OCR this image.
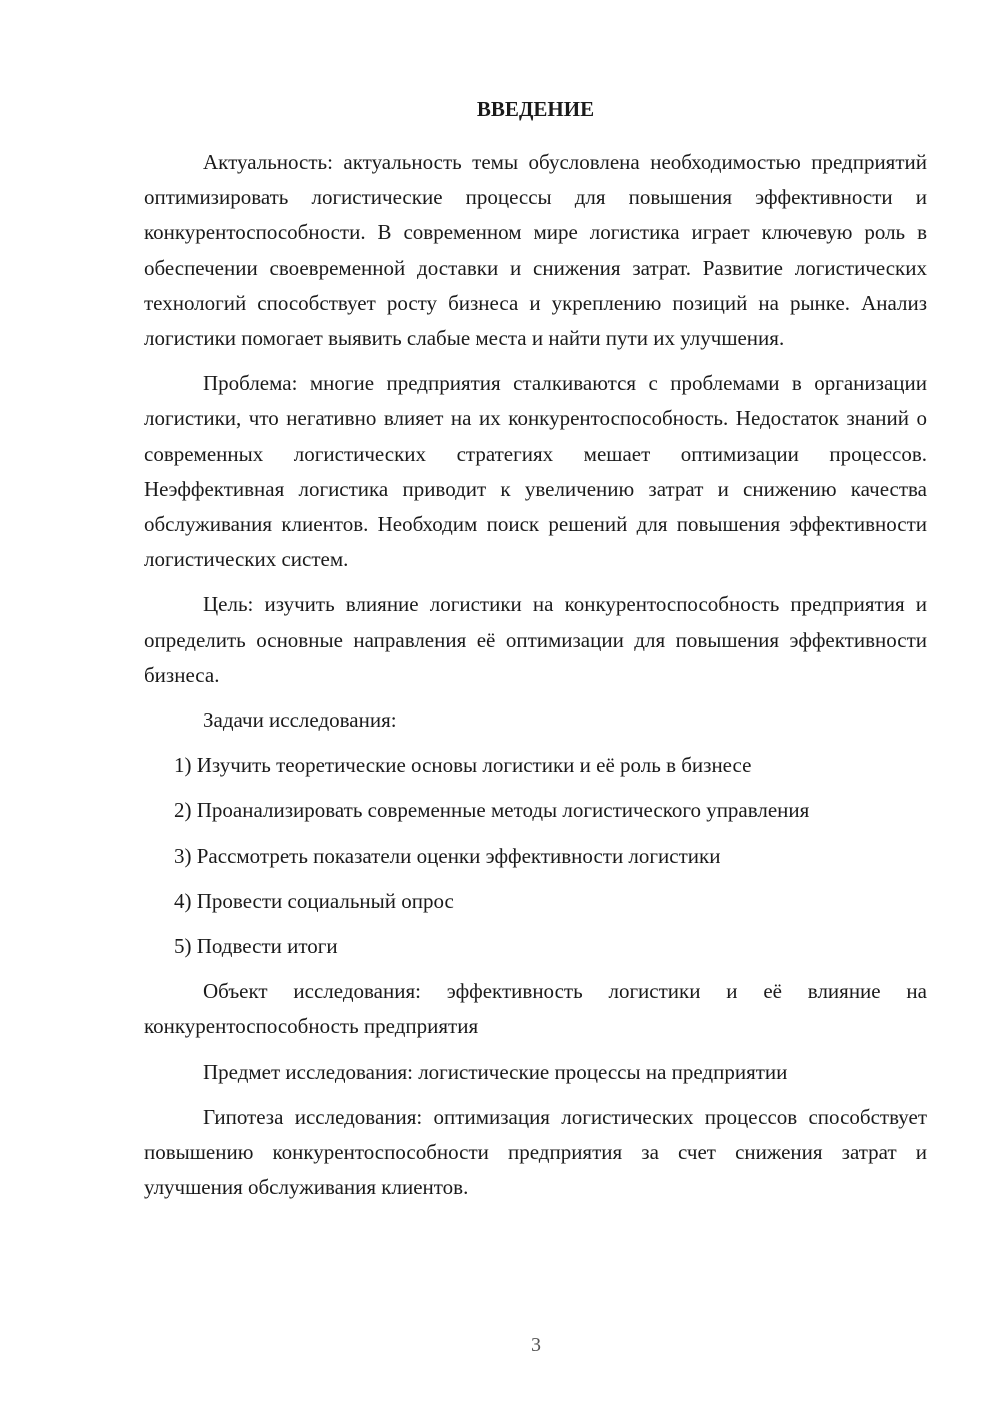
ВВЕДЕНИЕ

Актуальность: актуальность темы обусловлена необходимостью предприятий оптимизировать логистические процессы для повышения эффективности и конкурентоспособности. В современном мире логистика играет ключевую роль в обеспечении своевременной доставки и снижения затрат. Развитие логистических технологий способствует росту бизнеса и укреплению позиций на рынке. Анализ логистики помогает выявить слабые места и найти пути их улучшения.

Проблема: многие предприятия сталкиваются с проблемами в организации логистики, что негативно влияет на их конкурентоспособность. Недостаток знаний о современных логистических стратегиях мешает оптимизации процессов. Неэффективная логистика приводит к увеличению затрат и снижению качества обслуживания клиентов. Необходим поиск решений для повышения эффективности логистических систем.

Цель: изучить влияние логистики на конкурентоспособность предприятия и определить основные направления её оптимизации для повышения эффективности бизнеса.

Задачи исследования:

1) Изучить теоретические основы логистики и её роль в бизнесе

2) Проанализировать современные методы логистического управления

3) Рассмотреть показатели оценки эффективности логистики

4) Провести социальный опрос

5) Подвести итоги

Объект исследования: эффективность логистики и её влияние на конкурентоспособность предприятия

Предмет исследования: логистические процессы на предприятии

Гипотеза исследования: оптимизация логистических процессов способствует повышению конкурентоспособности предприятия за счет снижения затрат и улучшения обслуживания клиентов.

3
